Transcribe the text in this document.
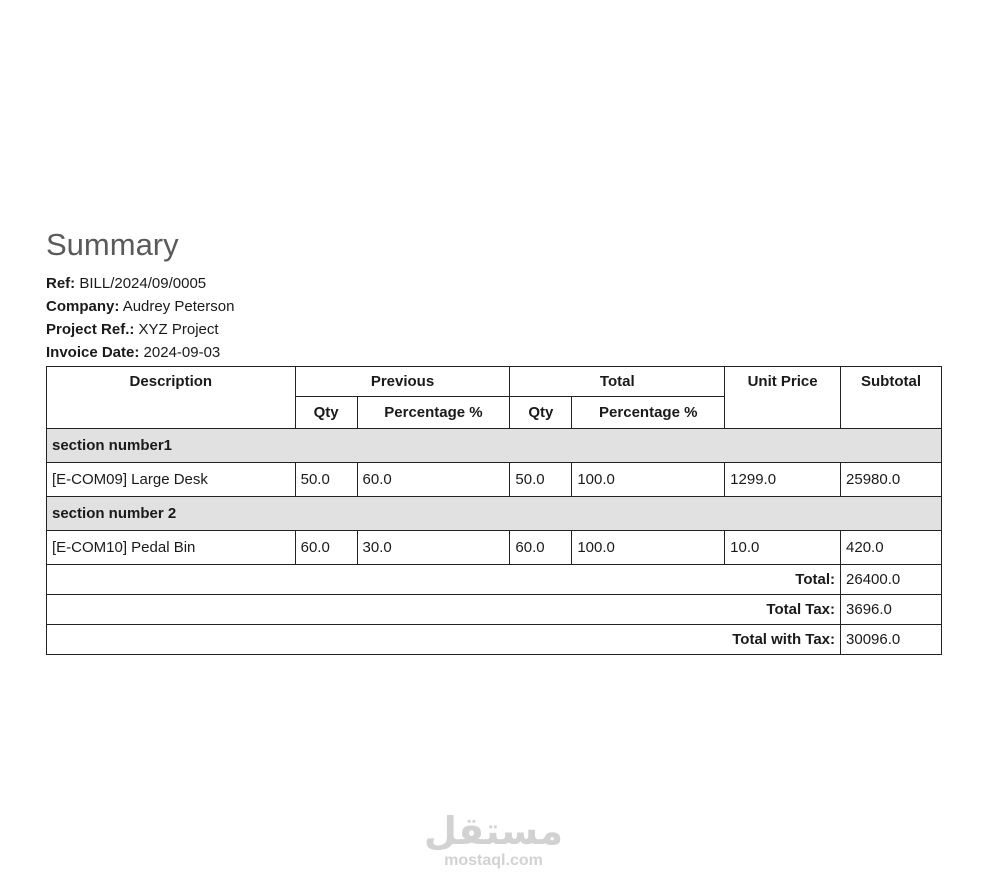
Summary
Ref: BILL/2024/09/0005
Company: Audrey Peterson
Project Ref.: XYZ Project
Invoice Date: 2024-09-03
Description	Previous		Total		Unit Price	Subtotal
	Qty	Percentage %	Qty	Percentage %		
section number1						
[E-COM09] Large Desk	50.0	60.0	50.0	100.0	1299.0	25980.0
section number 2						
[E-COM10] Pedal Bin	60.0	30.0	60.0	100.0	10.0	420.0
Total:						26400.0
Total Tax:						3696.0
Total with Tax:						30096.0
مستقل
mostaql.com
